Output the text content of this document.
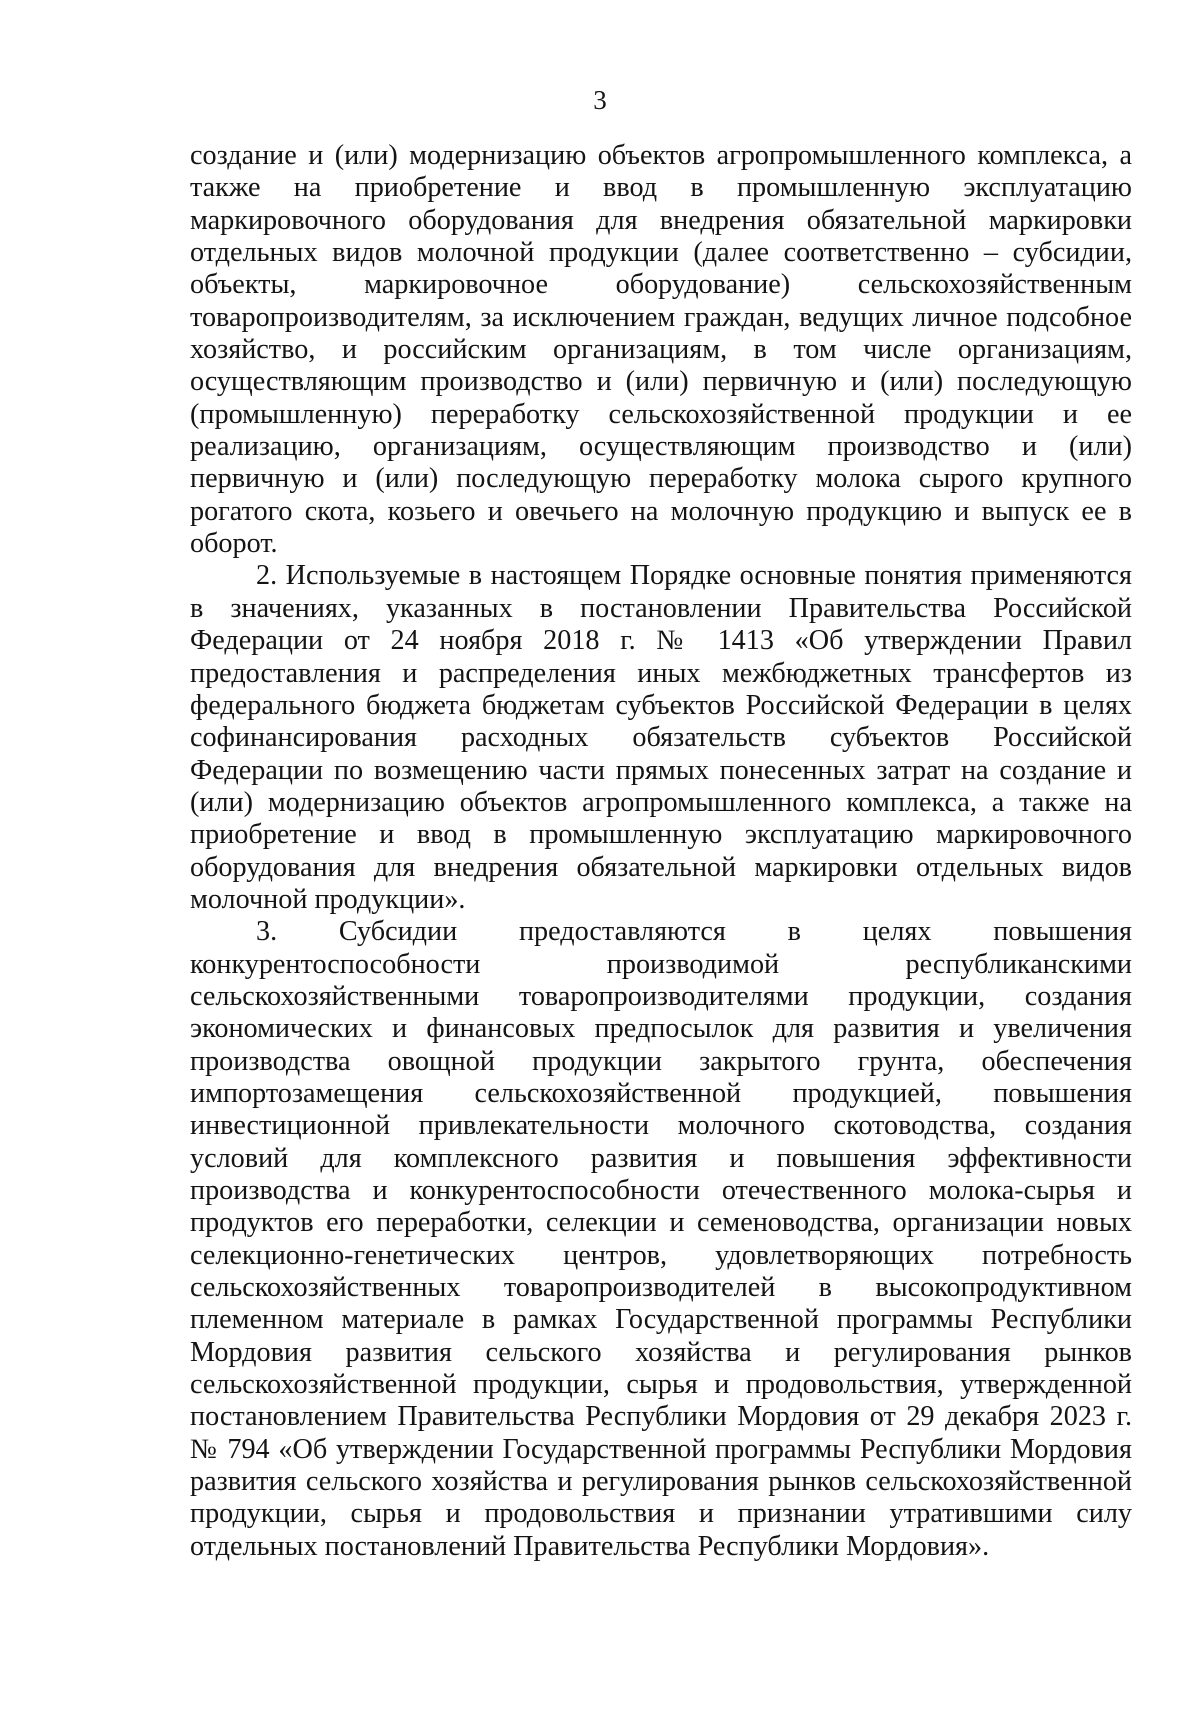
3

создание и (или) модернизацию объектов агропромышленного комплекса, а
также на приобретение и ввод в промышленную эксплуатацию
маркировочного оборудования для внедрения обязательной маркировки
отдельных видов молочной продукции (далее соответственно – субсидии,
объекты, маркировочное оборудование) сельскохозяйственным
товаропроизводителям, за исключением граждан, ведущих личное подсобное
хозяйство, и российским организациям, в том числе организациям,
осуществляющим производство и (или) первичную и (или) последующую
(промышленную) переработку сельскохозяйственной продукции и ее
реализацию, организациям, осуществляющим производство и (или)
первичную и (или) последующую переработку молока сырого крупного
рогатого скота, козьего и овечьего на молочную продукцию и выпуск ее в
оборот.

2. Используемые в настоящем Порядке основные понятия применяются
в значениях, указанных в постановлении Правительства Российской
Федерации от 24 ноября 2018 г. № 1413 «Об утверждении Правил
предоставления и распределения иных межбюджетных трансфертов из
федерального бюджета бюджетам субъектов Российской Федерации в целях
софинансирования расходных обязательств субъектов Российской
Федерации по возмещению части прямых понесенных затрат на создание и
(или) модернизацию объектов агропромышленного комплекса, а также на
приобретение и ввод в промышленную эксплуатацию маркировочного
оборудования для внедрения обязательной маркировки отдельных видов
молочной продукции».

3. Субсидии предоставляются в целях повышения
конкурентоспособности производимой республиканскими
сельскохозяйственными товаропроизводителями продукции, создания
экономических и финансовых предпосылок для развития и увеличения
производства овощной продукции закрытого грунта, обеспечения
импортозамещения сельскохозяйственной продукцией, повышения
инвестиционной привлекательности молочного скотоводства, создания
условий для комплексного развития и повышения эффективности
производства и конкурентоспособности отечественного молока-сырья и
продуктов его переработки, селекции и семеноводства, организации новых
селекционно-генетических центров, удовлетворяющих потребность
сельскохозяйственных товаропроизводителей в высокопродуктивном
племенном материале в рамках Государственной программы Республики
Мордовия развития сельского хозяйства и регулирования рынков
сельскохозяйственной продукции, сырья и продовольствия, утвержденной
постановлением Правительства Республики Мордовия от 29 декабря 2023 г.
№ 794 «Об утверждении Государственной программы Республики Мордовия
развития сельского хозяйства и регулирования рынков сельскохозяйственной
продукции, сырья и продовольствия и признании утратившими силу
отдельных постановлений Правительства Республики Мордовия».
